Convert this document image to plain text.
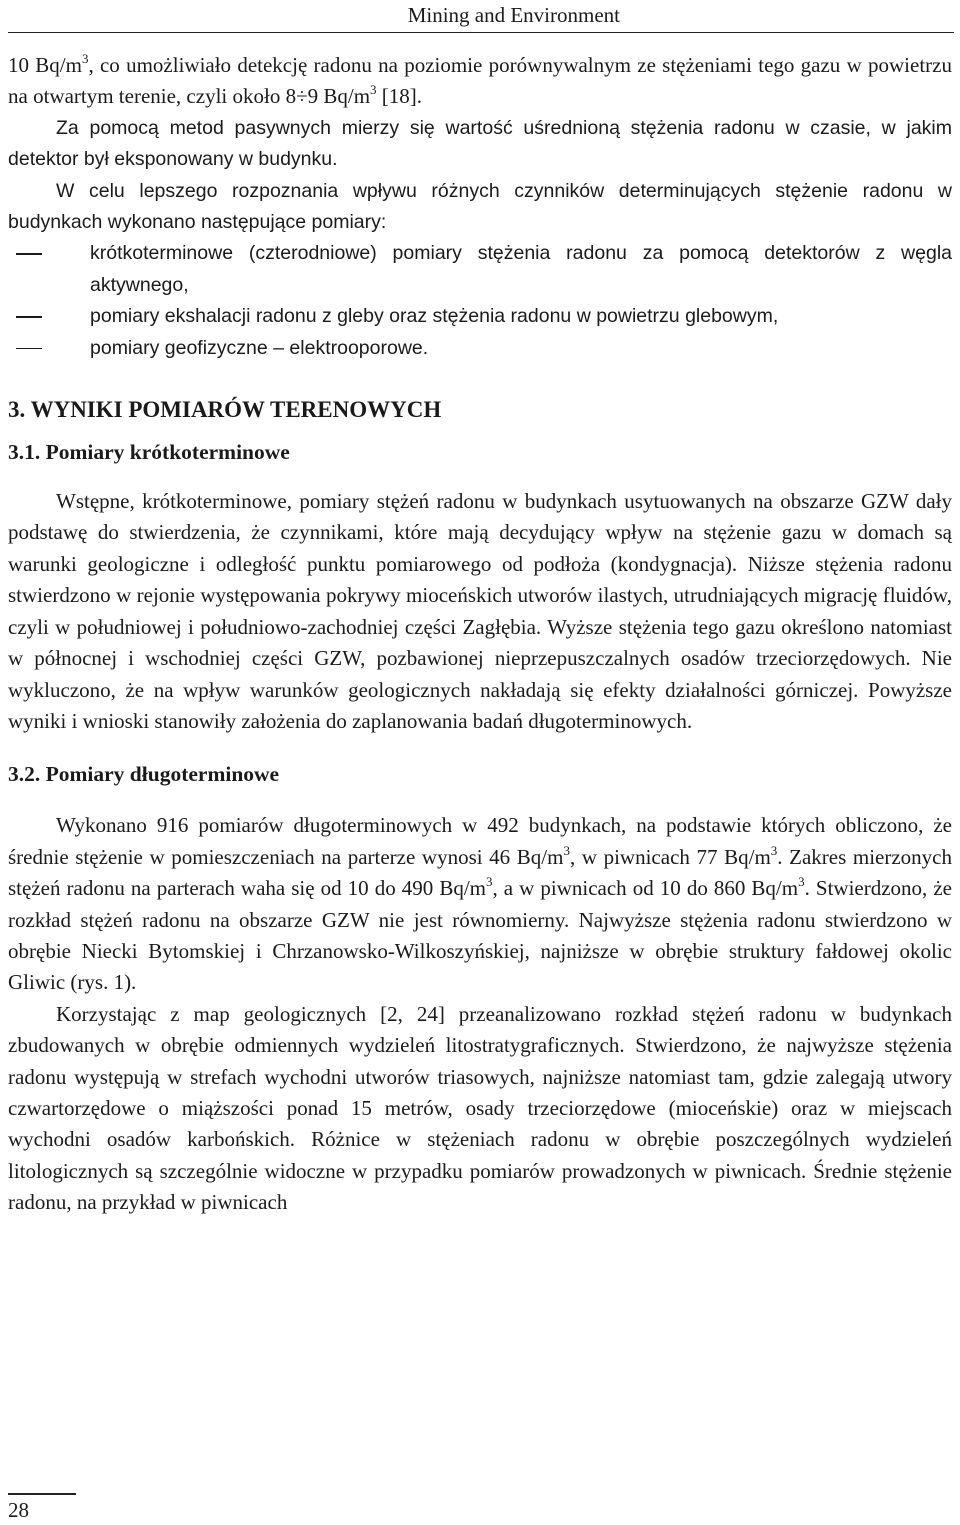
Mining and Environment

10 $Bq/m^3$, co umożliwiało detekcję radonu na poziomie porównywalnym ze stężeniami tego gazu w powietrzu na otwartym terenie, czyli około 8÷9 $Bq/m^3$ [18].

Za pomocą metod pasywnych mierzy się wartość uśrednioną stężenia radonu w czasie, w jakim detektor był eksponowany w budynku.

W celu lepszego rozpoznania wpływu różnych czynników determinujących stężenie radonu w budynkach wykonano następujące pomiary:

krótkoterminowe (czterodniowe) pomiary stężenia radonu za pomocą detektorów z węgla aktywnego,
pomiary ekshalacji radonu z gleby oraz stężenia radonu w powietrzu glebowym,
pomiary geofizyczne – elektrooporowe.
3. WYNIKI POMIARÓW TERENOWYCH
3.1. Pomiary krótkoterminowe

Wstępne, krótkoterminowe, pomiary stężeń radonu w budynkach usytuowanych na obszarze GZW dały podstawę do stwierdzenia, że czynnikami, które mają decydujący wpływ na stężenie gazu w domach są warunki geologiczne i odległość punktu pomiarowego od podłoża (kondygnacja). Niższe stężenia radonu stwierdzono w rejonie występowania pokrywy mioceńskich utworów ilastych, utrudniających migrację fluidów, czyli w południowej i południowo-zachodniej części Zagłębia. Wyższe stężenia tego gazu określono natomiast w północnej i wschodniej części GZW, pozbawionej nieprzepuszczalnych osadów trzeciorzędowych. Nie wykluczono, że na wpływ warunków geologicznych nakładają się efekty działalności górniczej. Powyższe wyniki i wnioski stanowiły założenia do zaplanowania badań długoterminowych.

3.2. Pomiary długoterminowe

Wykonano 916 pomiarów długoterminowych w 492 budynkach, na podstawie których obliczono, że średnie stężenie w pomieszczeniach na parterze wynosi 46 $Bq/m^3$, w piwnicach 77 $Bq/m^3$. Zakres mierzonych stężeń radonu na parterach waha się od 10 do 490 $Bq/m^3$, a w piwnicach od 10 do 860 $Bq/m^3$. Stwierdzono, że rozkład stężeń radonu na obszarze GZW nie jest równomierny. Najwyższe stężenia radonu stwierdzono w obrębie Niecki Bytomskiej i Chrzanowsko-Wilkoszyńskiej, najniższe w obrębie struktury fałdowej okolic Gliwic (rys. 1).

Korzystając z map geologicznych [2, 24] przeanalizowano rozkład stężeń radonu w budynkach zbudowanych w obrębie odmiennych wydzieleń litostratygraficznych. Stwierdzono, że najwyższe stężenia radonu występują w strefach wychodni utworów triasowych, najniższe natomiast tam, gdzie zalegają utwory czwartorzędowe o miąższości ponad 15 metrów, osady trzeciorzędowe (mioceńskie) oraz w miejscach wychodni osadów karbońskich. Różnice w stężeniach radonu w obrębie poszczególnych wydzieleń litologicznych są szczególnie widoczne w przypadku pomiarów prowadzonych w piwnicach. Średnie stężenie radonu, na przykład w piwnicach

28
